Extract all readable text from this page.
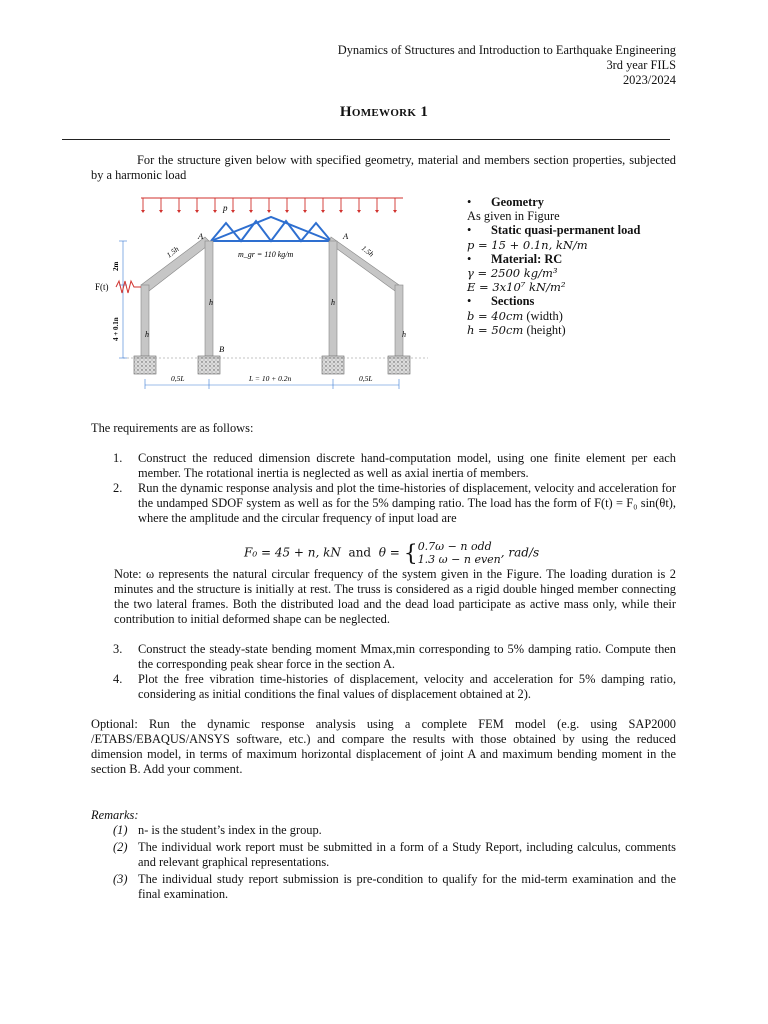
Dynamics of Structures and Introduction to Earthquake Engineering
3rd year FILS
2023/2024
Homework 1
For the structure given below with specified geometry, material and members section properties, subjected by a harmonic load
p
A	A
B
1.5h	1.5h
m_gr = 110 kg/m
2m
4 + 0.1n
F(t)
h
h	h
h
0,5L	L = 10 + 0.2n	0,5L
• Geometry
As given in Figure
• Static quasi-permanent load
p = 15 + 0.1n, kN/m
• Material: RC
γ = 2500 kg/m³
E = 3x10⁷ kN/m²
• Sections
b = 40cm (width)
h = 50cm (height)
The requirements are as follows:
1. Construct the reduced dimension discrete hand-computation model, using one finite element per each member. The rotational inertia is neglected as well as axial inertia of members.
2. Run the dynamic response analysis and plot the time-histories of displacement, velocity and acceleration for the undamped SDOF system as well as for the 5% damping ratio. The load has the form of F(t) = F₀ sin(θt), where the amplitude and the circular frequency of input load are
F₀ = 45 + n, kN and θ = { 0.7ω − n odd
1.3 ω − n even , rad/s
Note: ω represents the natural circular frequency of the system given in the Figure. The loading duration is 2 minutes and the structure is initially at rest. The truss is considered as a rigid double hinged member connecting the two lateral frames. Both the distributed load and the dead load participate as active mass only, while their contribution to initial deformed shape can be neglected.
3. Construct the steady-state bending moment Mmax,min corresponding to 5% damping ratio. Compute then the corresponding peak shear force in the section A.
4. Plot the free vibration time-histories of displacement, velocity and acceleration for 5% damping ratio, considering as initial conditions the final values of displacement obtained at 2).
Optional: Run the dynamic response analysis using a complete FEM model (e.g. using SAP2000 /ETABS/EBAQUS/ANSYS software, etc.) and compare the results with those obtained by using the reduced dimension model, in terms of maximum horizontal displacement of joint A and maximum bending moment in the section B. Add your comment.
Remarks:
(1) n- is the student’s index in the group.
(2) The individual work report must be submitted in a form of a Study Report, including calculus, comments and relevant graphical representations.
(3) The individual study report submission is pre-condition to qualify for the mid-term examination and the final examination.
